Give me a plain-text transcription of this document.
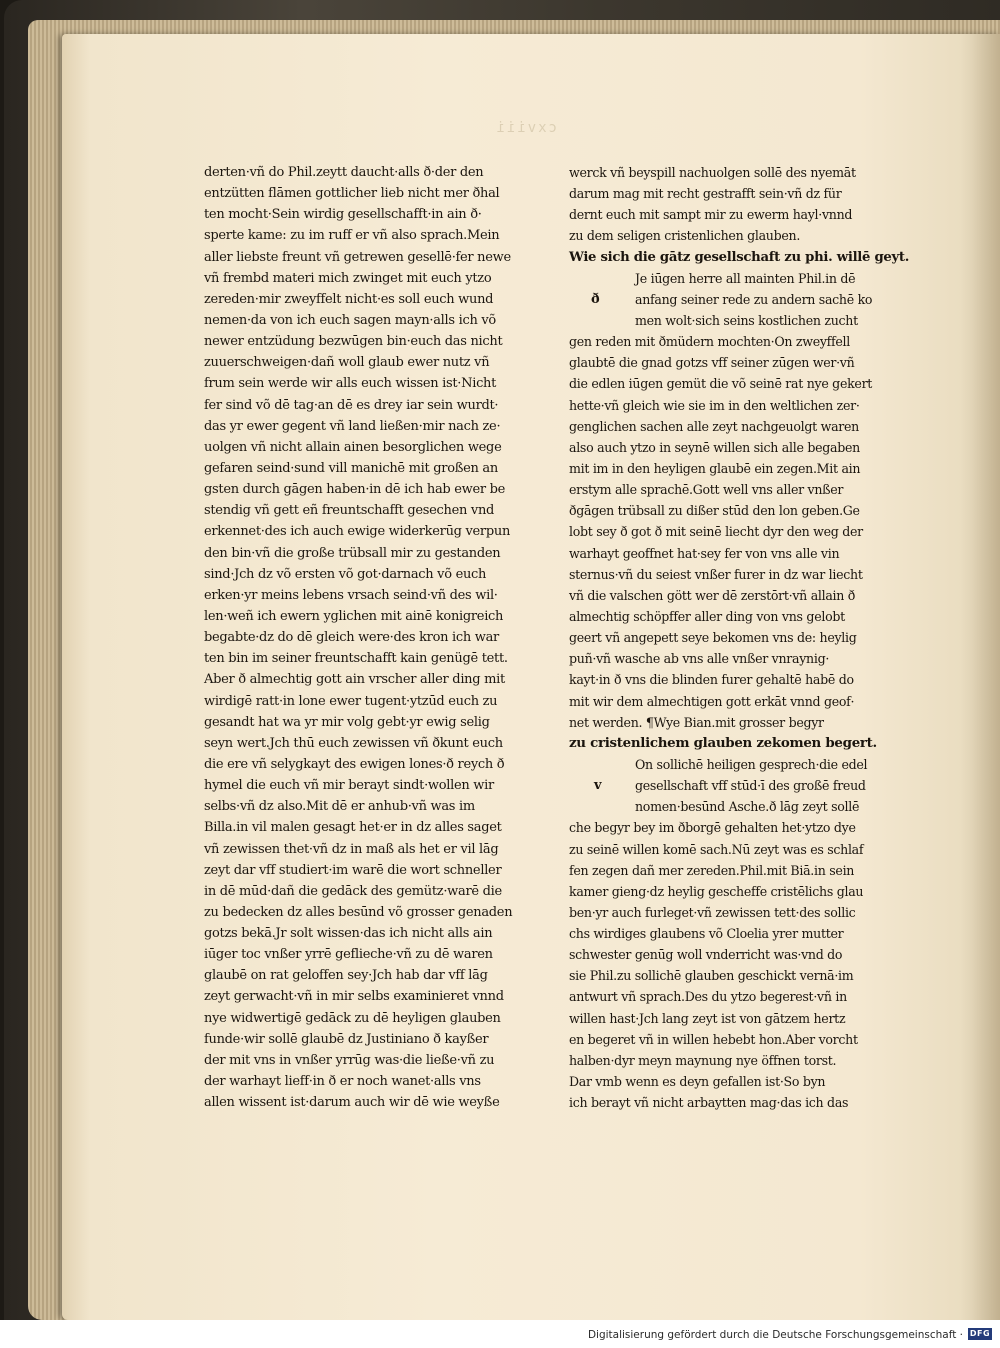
cxviii
derten·vñ do Phil.zeytt daucht·alls ð·der den
entzütten flāmen gottlicher lieb nicht mer ðhal
ten mocht·Sein wirdig gesellschafft·in ain ð·
sperte kame: zu im ruff er vñ also sprach.Mein
aller liebste freunt vñ getrewen gesellē·fer newe
vñ frembd materi mich zwinget mit euch ytzo
zereden·mir zweyffelt nicht·es soll euch wund
nemen·da von ich euch sagen mayn·alls ich võ
newer entzüdung bezwūgen bin·euch das nicht
zuuerschweigen·dañ woll glaub ewer nutz vñ
frum sein werde wir alls euch wissen ist·Nicht
fer sind võ dē tag·an dē es drey iar sein wurdt·
das yr ewer gegent vñ land ließen·mir nach ze·
uolgen vñ nicht allain ainen besorglichen wege
gefaren seind·sund vill manichē mit großen an
gsten durch gāgen haben·in dē ich hab ewer be
stendig vñ gett eñ freuntschafft gesechen vnd
erkennet·des ich auch ewige widerkerūg verpun
den bin·vñ die große trübsall mir zu gestanden
sind·Jch dz võ ersten võ got·darnach võ euch
erken·yr meins lebens vrsach seind·vñ des wil·
len·weñ ich ewern yglichen mit ainē konigreich
begabte·dz do dē gleich were·des kron ich war
ten bin im seiner freuntschafft kain genügē tett.
Aber ð almechtig gott ain vrscher aller ding mit
wirdigē ratt·in lone ewer tugent·ytzūd euch zu
gesandt hat wa yr mir volg gebt·yr ewig selig
seyn wert.Jch thū euch zewissen vñ ðkunt euch
die ere vñ selygkayt des ewigen lones·ð reych ð
hymel die euch vñ mir berayt sindt·wollen wir
selbs·vñ dz also.Mit dē er anhub·vñ was im
Billa.in vil malen gesagt het·er in dz alles saget
vñ zewissen thet·vñ dz in maß als het er vil lāg
zeyt dar vff studiert·im warē die wort schneller
in dē mūd·dañ die gedāck des gemütz·warē die
zu bedecken dz alles besūnd võ grosser genaden
gotzs bekā.Jr solt wissen·das ich nicht alls ain
iūger toc vnßer yrrē geflieche·vñ zu dē waren
glaubē on rat geloffen sey·Jch hab dar vff lāg
zeyt gerwacht·vñ in mir selbs examinieret vnnd
nye widwertigē gedāck zu dē heyligen glauben
funde·wir sollē glaubē dz Justiniano ð kayßer
der mit vns in vnßer yrrūg was·die ließe·vñ zu
der warhayt lieff·in ð er noch wanet·alls vns
allen wissent ist·darum auch wir dē wie weyße
werck vñ beyspill nachuolgen sollē des nyemāt
darum mag mit recht gestrafft sein·vñ dz für
dernt euch mit sampt mir zu ewerm hayl·vnnd
zu dem seligen cristenlichen glauben.
Wie sich die gātz gesellschaft zu phi. willē geyt.
Je iūgen herre all mainten Phil.in dē
anfang seiner rede zu andern sachē ko
men wolt·sich seins kostlichen zucht
gen reden mit ðmüdern mochten·On zweyffell
glaubtē die gnad gotzs vff seiner zūgen wer·vñ
die edlen iūgen gemüt die võ seinē rat nye gekert
hette·vñ gleich wie sie im in den weltlichen zer·
genglichen sachen alle zeyt nachgeuolgt waren
also auch ytzo in seynē willen sich alle begaben
mit im in den heyligen glaubē ein zegen.Mit ain
erstym alle sprachē.Gott well vns aller vnßer
ðgāgen trübsall zu dißer stūd den lon geben.Ge
lobt sey ð got ð mit seinē liecht dyr den weg der
warhayt geoffnet hat·sey fer von vns alle vin
sternus·vñ du seiest vnßer furer in dz war liecht
vñ die valschen gött wer dē zerstōrt·vñ allain ð
almechtig schöpffer aller ding von vns gelobt
geert vñ angepett seye bekomen vns de: heylig
puñ·vñ wasche ab vns alle vnßer vnraynig·
kayt·in ð vns die blinden furer gehaltē habē do
mit wir dem almechtigen gott erkāt vnnd geof·
net werden. ¶Wye Bian.mit grosser begyr
zu cristenlichem glauben zekomen begert.
On sollichē heiligen gesprech·die edel
gesellschaft vff stūd·ī des großē freud
nomen·besūnd Asche.ð lāg zeyt sollē
che begyr bey im ðborgē gehalten het·ytzo dye
zu seinē willen komē sach.Nū zeyt was es schlaf
fen zegen dañ mer zereden.Phil.mit Biā.in sein
kamer gieng·dz heylig gescheffe cristēlichs glau
ben·yr auch furleget·vñ zewissen tett·des sollic
chs wirdiges glaubens võ Cloelia yrer mutter
schwester genūg woll vnderricht was·vnd do
sie Phil.zu sollichē glauben geschickt vernā·im
antwurt vñ sprach.Des du ytzo begerest·vñ in
willen hast·Jch lang zeyt ist von gātzem hertz
en begeret vñ in willen hebebt hon.Aber vorcht
halben·dyr meyn maynung nye öffnen torst.
Dar vmb wenn es deyn gefallen ist·So byn
ich berayt vñ nicht arbaytten mag·das ich das
ð
v
Digitalisierung gefördert durch die Deutsche Forschungsgemeinschaft · DFG
